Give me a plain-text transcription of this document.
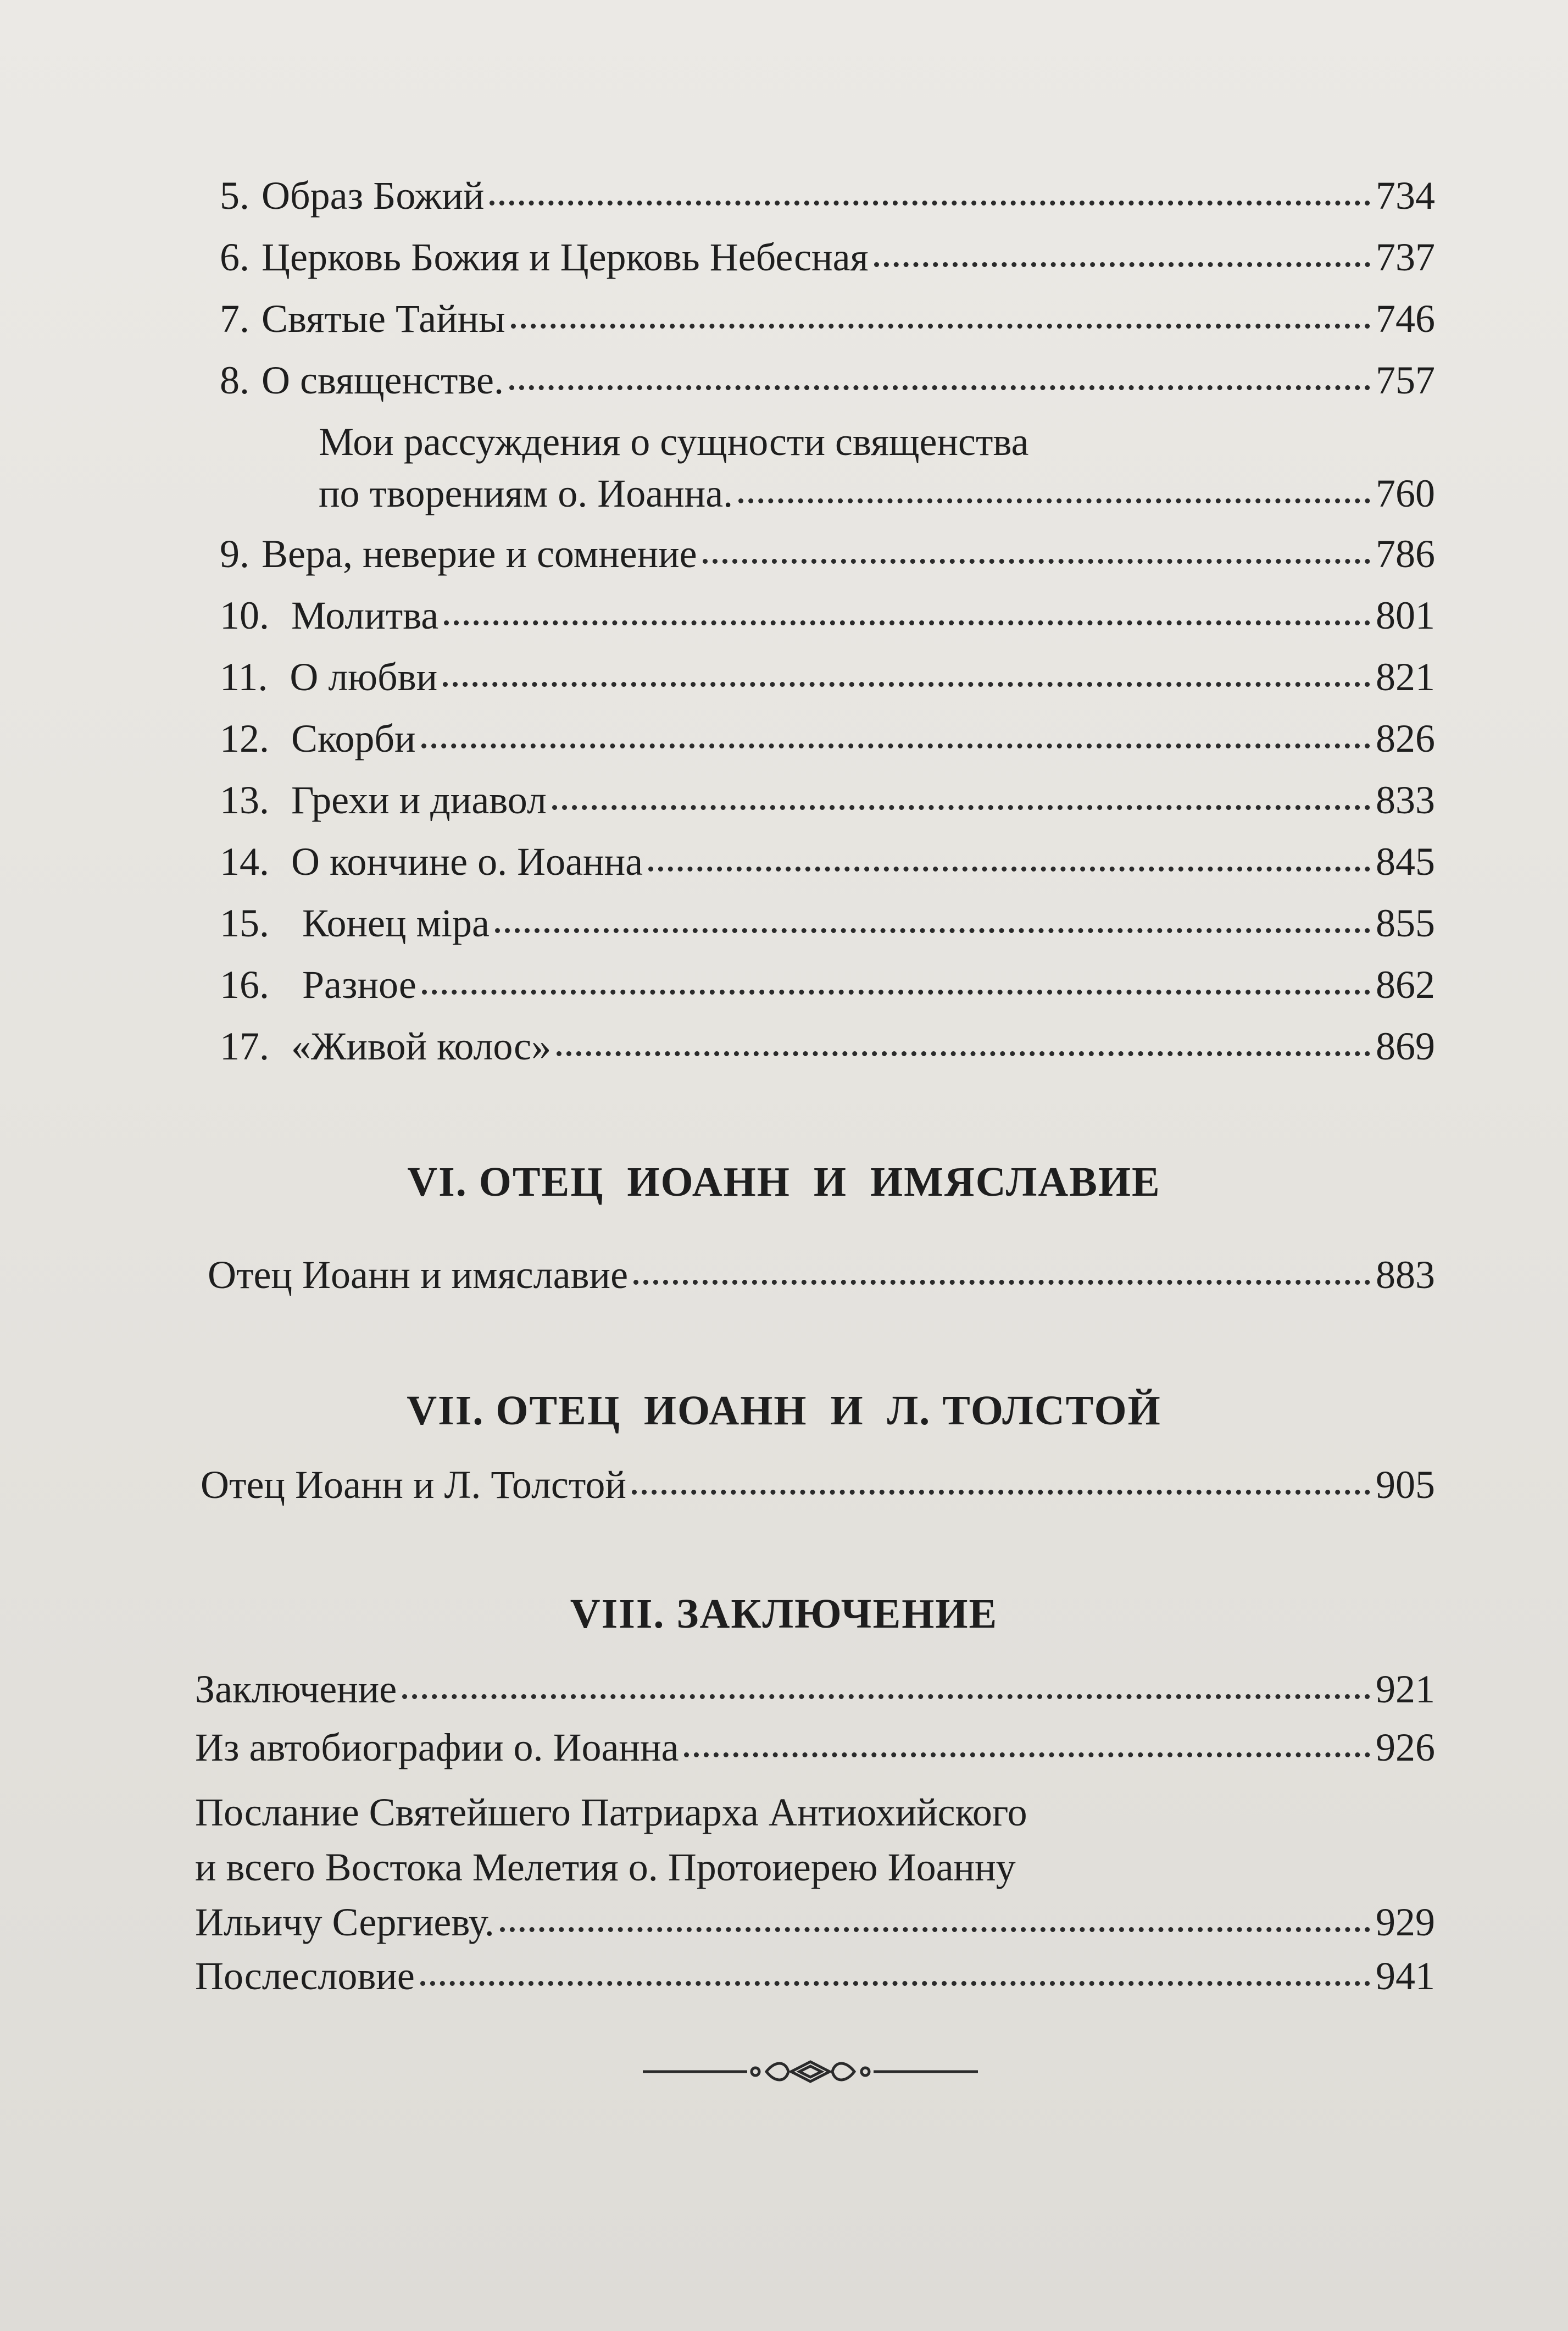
5. Образ Божий	734
6. Церковь Божия и Церковь Небесная	737
7. Святые Тайны	746
8. О священстве.	757
Мои рассуждения о сущности священства
по творениям о. Иоанна.	760
9. Вера, неверие и сомнение	786
10. Молитва	801
11. О любви	821
12. Скорби	826
13. Грехи и диавол	833
14. О кончине о. Иоанна	845
15. Конец міра	855
16. Разное	862
17. «Живой колос»	869
VI. ОТЕЦ  ИОАНН  И  ИМЯСЛАВИЕ
Отец Иоанн и имяславие	883
VII. ОТЕЦ  ИОАНН  И  Л. ТОЛСТОЙ
Отец Иоанн и Л. Толстой	905
VIII. ЗАКЛЮЧЕНИЕ
Заключение	921
Из автобиографии о. Иоанна	926
Послание Святейшего Патриарха Антиохийского
и всего Востока Мелетия о. Протоиерею Иоанну
Ильичу Сергиеву.	929
Послесловие	941
